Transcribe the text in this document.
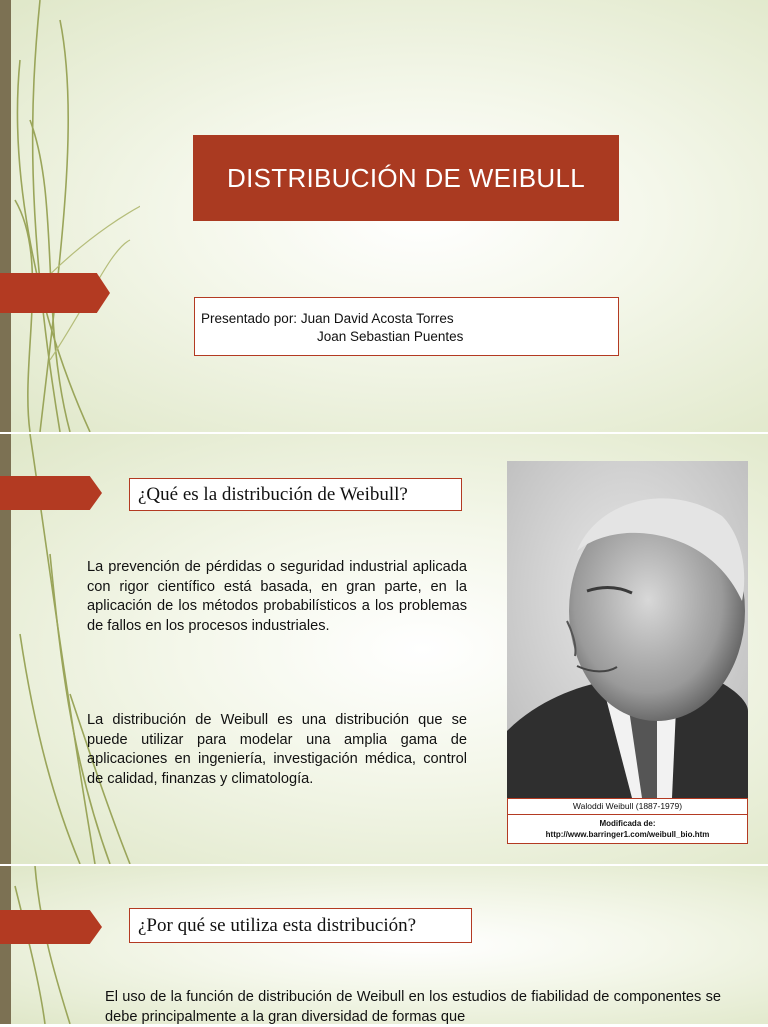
DISTRIBUCIÓN DE WEIBULL
Presentado por: Juan David Acosta Torres
Joan Sebastian Puentes
¿Qué es la distribución de Weibull?
La prevención de pérdidas o seguridad industrial aplicada con rigor científico está basada, en gran parte, en la aplicación de los métodos probabilísticos a los problemas de fallos en los procesos industriales.
La distribución de Weibull es una distribución que se puede utilizar para modelar una amplia gama de aplicaciones en ingeniería, investigación médica, control de calidad, finanzas y climatología.
Waloddi Weibull (1887-1979)
Modificada de:
http://www.barringer1.com/weibull_bio.htm
¿Por qué se utiliza esta distribución?
El uso de la función de distribución de Weibull en los estudios de fiabilidad de componentes se debe principalmente a la gran diversidad de formas que
